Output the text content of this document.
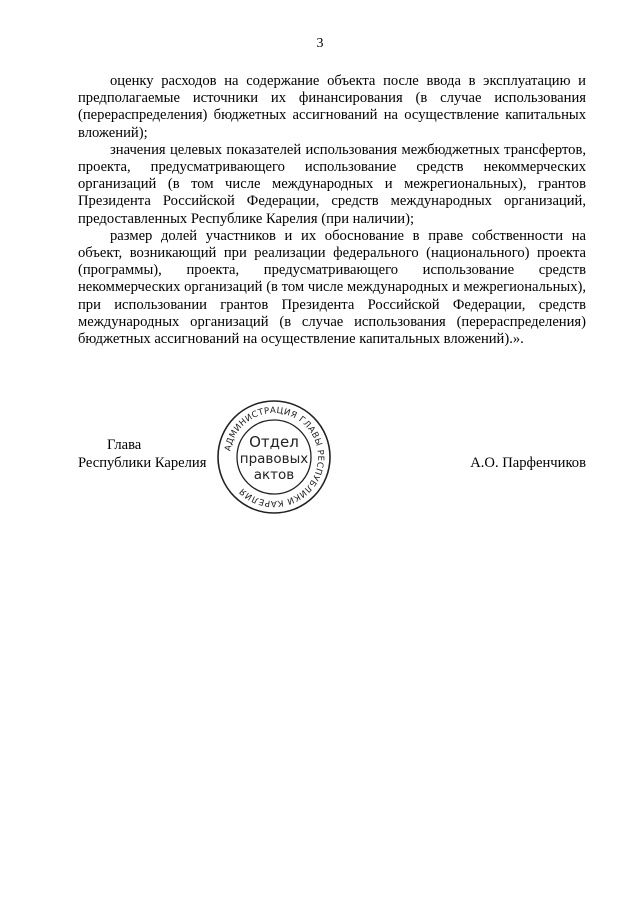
3

оценку расходов на содержание объекта после ввода в эксплуатацию и предполагаемые источники их финансирования (в случае использования (перераспределения) бюджетных ассигнований на осуществление капитальных вложений);

значения целевых показателей использования межбюджетных трансфертов, проекта, предусматривающего использование средств некоммерческих организаций (в том числе международных и межрегиональных), грантов Президента Российской Федерации, средств международных организаций, предоставленных Республике Карелия (при наличии);

размер долей участников и их обоснование в праве собственности на объект, возникающий при реализации федерального (национального) проекта (программы), проекта, предусматривающего использование средств некоммерческих организаций (в том числе международных и межрегиональных), при использовании грантов Президента Российской Федерации, средств международных организаций (в случае использования (перераспределения) бюджетных ассигнований на осуществление капитальных вложений).».

Глава
Республики Карелия	А.О. Парфенчиков
АДМИНИСТРАЦИЯ ГЛАВЫ РЕСПУБЛИКИ КАРЕЛИЯ
Отдел
правовых
актов
